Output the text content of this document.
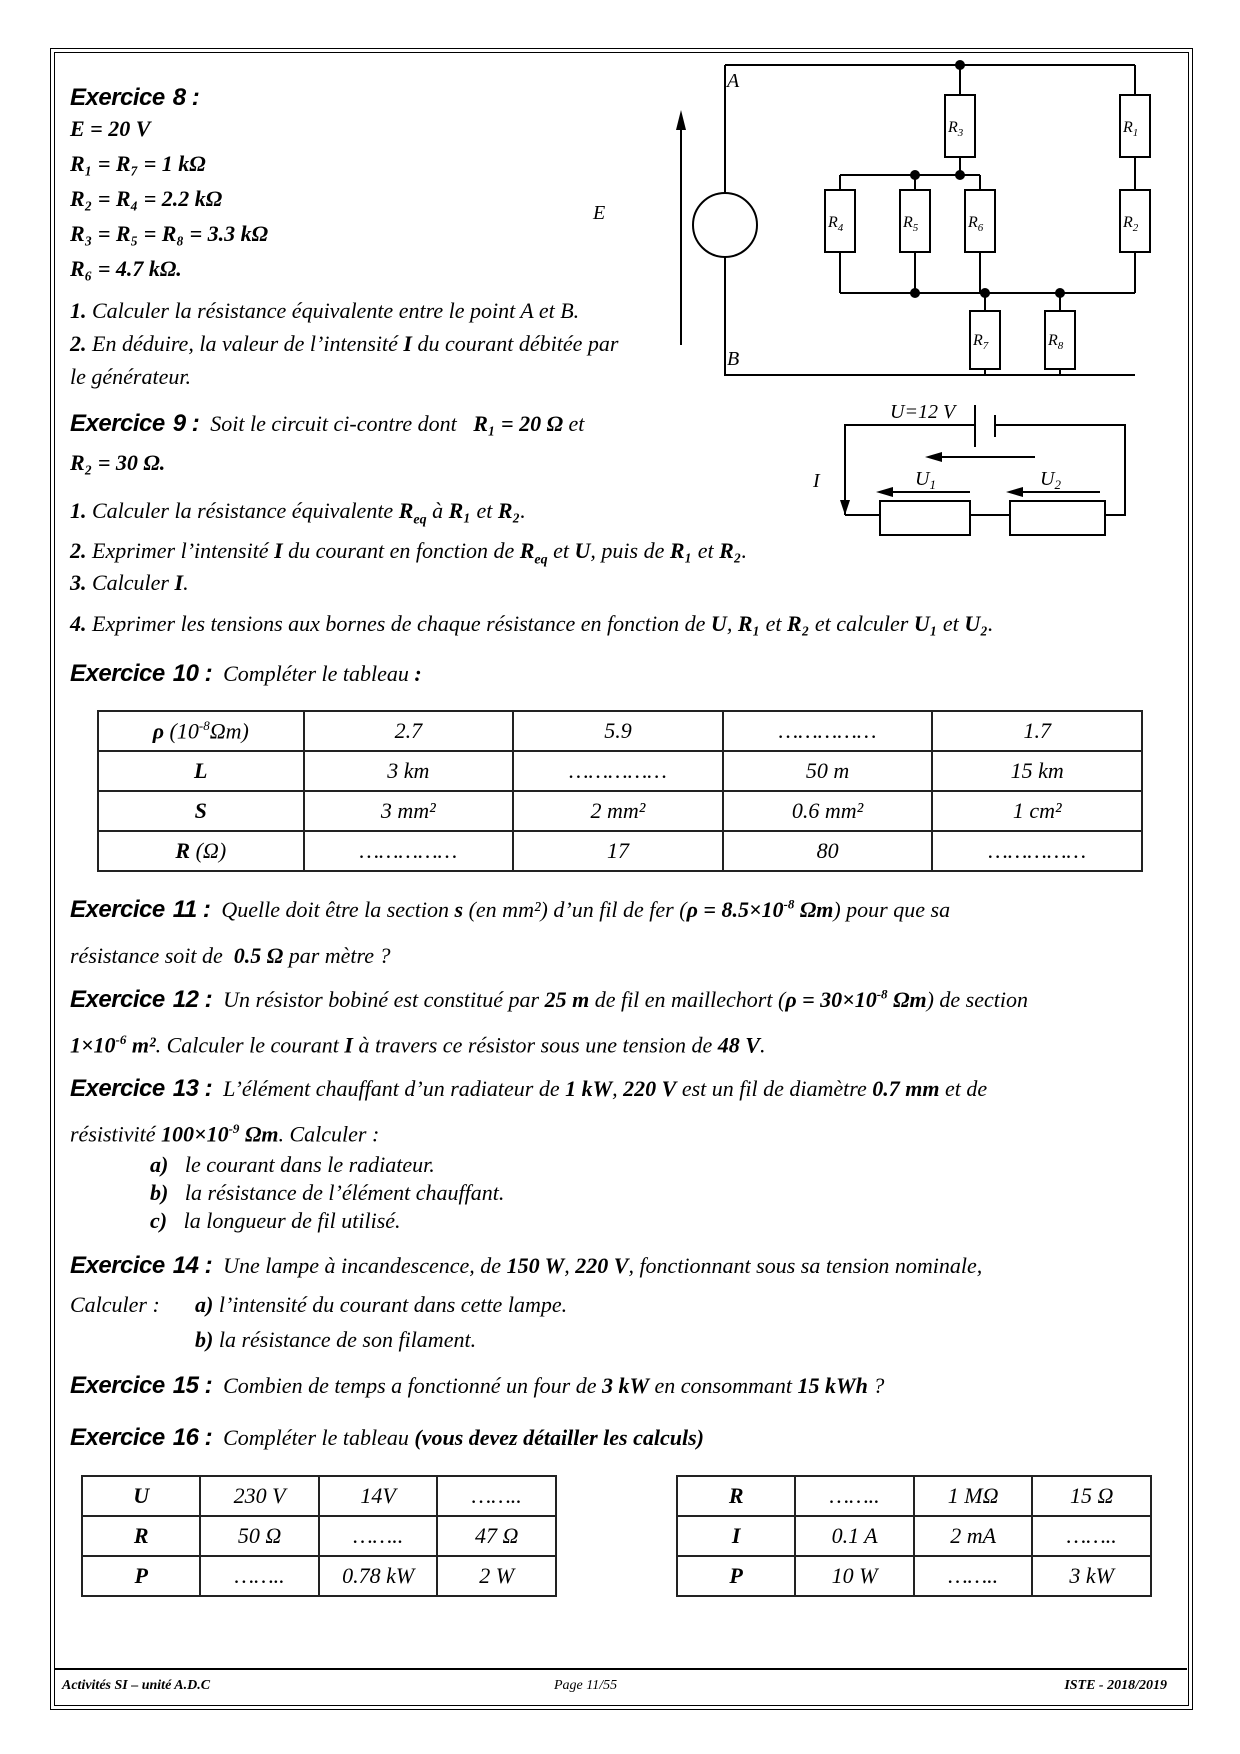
Exercice 8 :
E = 20 V
R₁ = R₇ = 1 kΩ
R₂ = R₄ = 2.2 kΩ
R₃ = R₅ = R₈ = 3.3 kΩ
R₆ = 4.7 kΩ.
1. Calculer la résistance équivalente entre le point A et B.
2. En déduire, la valeur de l’intensité I du courant débitée par
le générateur.
A
B
E
$R_3$	$R_1$
$R_2$
$R_4$	$R_5$	$R_6$
$R_7$	$R_8$
Exercice 9 : Soit le circuit ci-contre dont   R₁ = 20 Ω et
R₂ = 30 Ω.
1. Calculer la résistance équivalente $R_{eq}$ à R₁ et R₂.
2. Exprimer l’intensité I du courant en fonction de $R_{eq}$ et U, puis de R₁ et R₂.
3. Calculer I.
4. Exprimer les tensions aux bornes de chaque résistance en fonction de U, R₁ et R₂ et calculer U₁ et U₂.
U=12 V
I	$U_1$	$U_2$
Exercice 10 : Compléter le tableau :
ρ $(10^{-8}\Omega m)$	2.7	5.9	……………	1.7
L	3 km	……………	50 m	15 km
S	3 mm²	2 mm²	0.6 mm²	1 cm²
R (Ω)	……………	17	80	……………
Exercice 11 : Quelle doit être la section s (en mm²) d’un fil de fer ($\rho = 8.5\times 10^{-8}$ Ωm) pour que sa
résistance soit de  0.5 Ω par mètre ?
Exercice 12 : Un résistor bobiné est constitué par 25 m de fil en maillechort ($\rho = 30\times 10^{-8}$ Ωm) de section
$1\times 10^{-6}$ m². Calculer le courant I à travers ce résistor sous une tension de 48 V.
Exercice 13 : L’élément chauffant d’un radiateur de 1 kW, 220 V est un fil de diamètre 0.7 mm et de
résistivité $100\times 10^{-9}$ Ωm. Calculer :
a) le courant dans le radiateur.
b) la résistance de l’élément chauffant.
c) la longueur de fil utilisé.
Exercice 14 : Une lampe à incandescence, de 150 W, 220 V, fonctionnant sous sa tension nominale,
Calculer : a) l’intensité du courant dans cette lampe.
b) la résistance de son filament.
Exercice 15 : Combien de temps a fonctionné un four de 3 kW en consommant 15 kWh ?
Exercice 16 : Compléter le tableau (vous devez détailler les calculs)
U	230 V	14V	……..
R	50 Ω	……..	47 Ω
P	……..	0.78 kW	2 W
R	……..	1 MΩ	15 Ω
I	0.1 A	2 mA	……..
P	10 W	……..	3 kW
Activités SI – unité A.D.C	Page 11/55	ISTE - 2018/2019
